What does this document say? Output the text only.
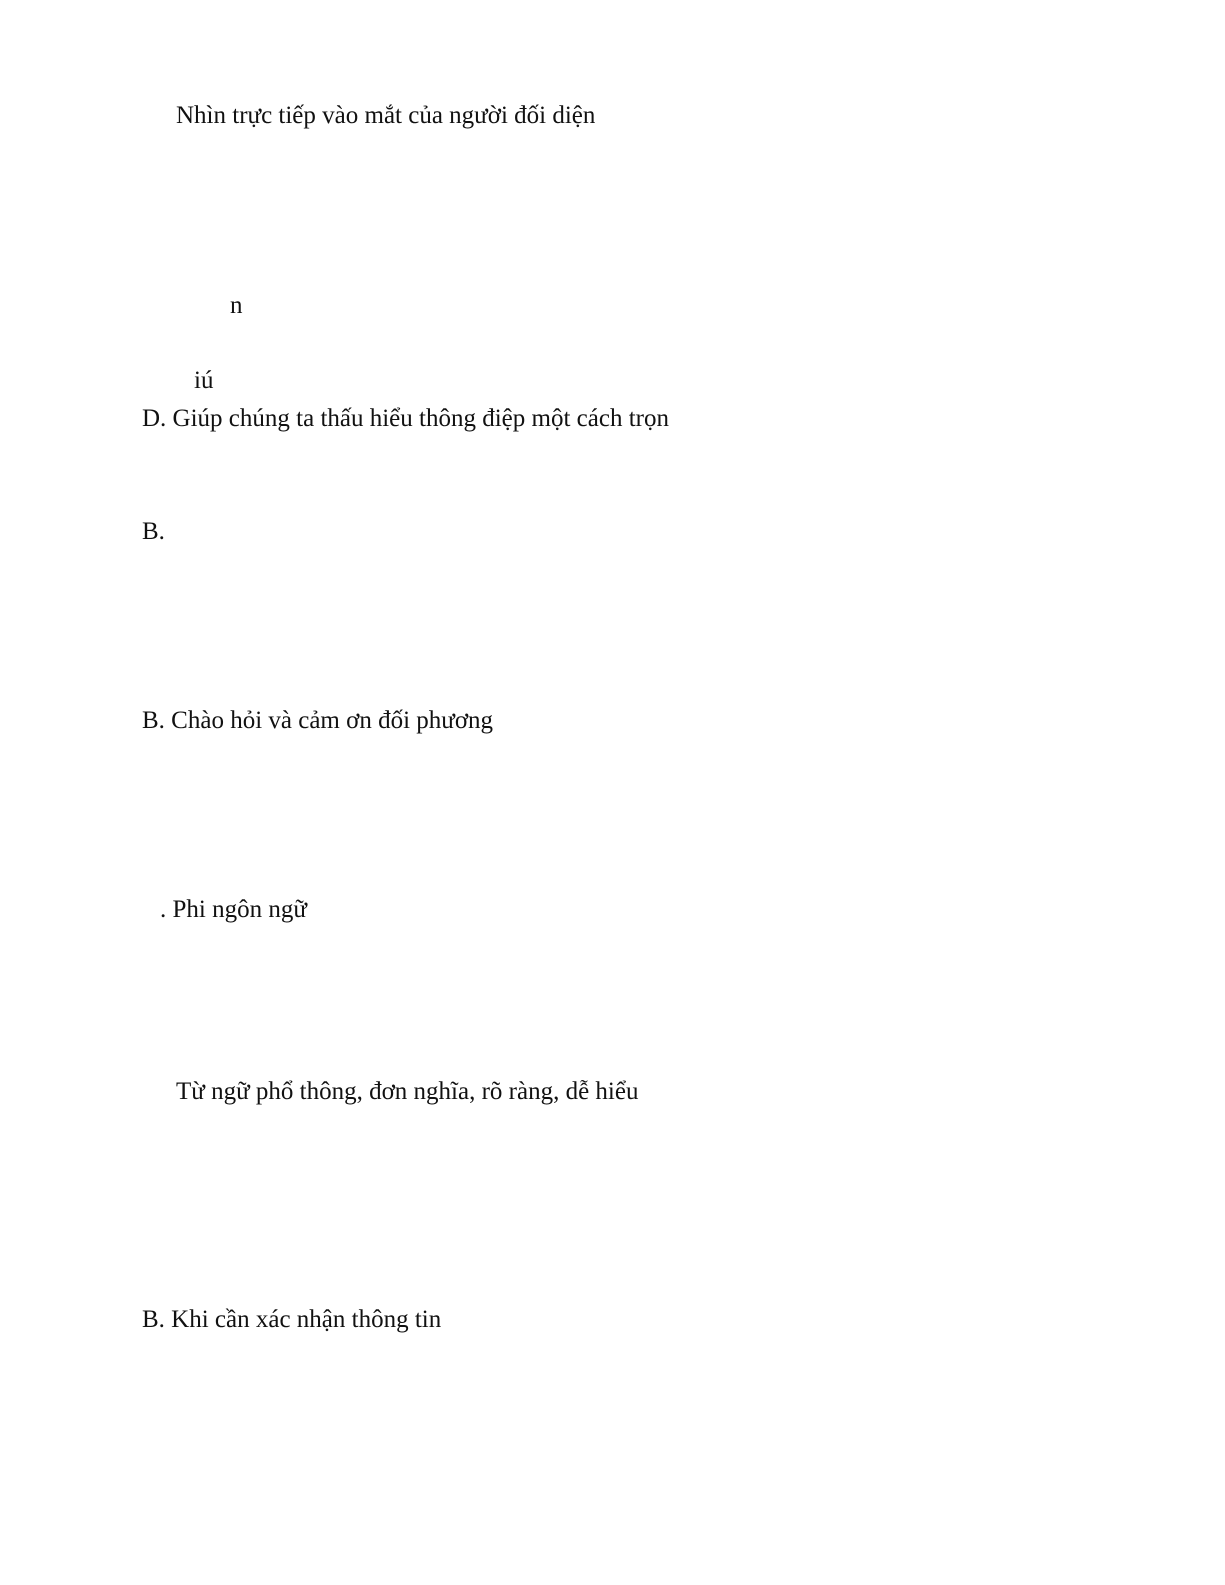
Nhìn trực tiếp vào mắt của người đối diện
n
iú
D. Giúp chúng ta thấu hiểu thông điệp một cách trọn
B.
B. Chào hỏi và cảm ơn đối phương
. Phi ngôn ngữ
Từ ngữ phổ thông, đơn nghĩa, rõ ràng, dễ hiểu
B. Khi cần xác nhận thông tin
